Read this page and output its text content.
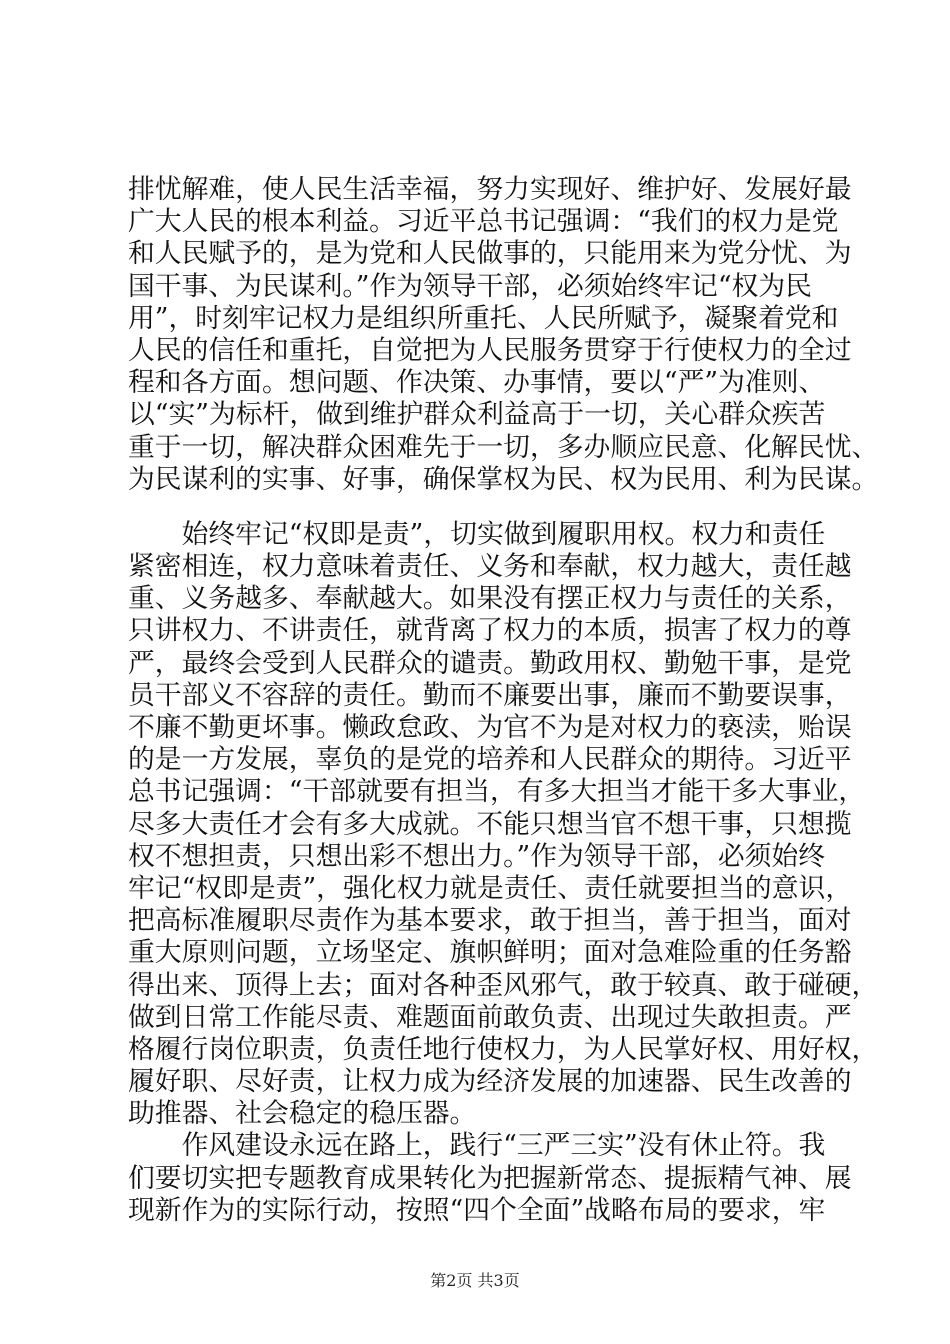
排忧解难，使人民生活幸福，努力实现好、维护好、发展好最
广大人民的根本利益。习近平总书记强调：“我们的权力是党
和人民赋予的，是为党和人民做事的，只能用来为党分忧、为
国干事、为民谋利。”作为领导干部，必须始终牢记“权为民
用”，时刻牢记权力是组织所重托、人民所赋予，凝聚着党和
人民的信任和重托，自觉把为人民服务贯穿于行使权力的全过
程和各方面。想问题、作决策、办事情，要以“严”为准则、
以“实”为标杆，做到维护群众利益高于一切，关心群众疾苦
重于一切，解决群众困难先于一切，多办顺应民意、化解民忧、
为民谋利的实事、好事，确保掌权为民、权为民用、利为民谋。
　　始终牢记“权即是责”，切实做到履职用权。权力和责任
紧密相连，权力意味着责任、义务和奉献，权力越大，责任越
重、义务越多、奉献越大。如果没有摆正权力与责任的关系，
只讲权力、不讲责任，就背离了权力的本质，损害了权力的尊
严，最终会受到人民群众的谴责。勤政用权、勤勉干事，是党
员干部义不容辞的责任。勤而不廉要出事，廉而不勤要误事，
不廉不勤更坏事。懒政怠政、为官不为是对权力的亵渎，贻误
的是一方发展，辜负的是党的培养和人民群众的期待。习近平
总书记强调：“干部就要有担当，有多大担当才能干多大事业，
尽多大责任才会有多大成就。不能只想当官不想干事，只想揽
权不想担责，只想出彩不想出力。”作为领导干部，必须始终
牢记“权即是责”，强化权力就是责任、责任就要担当的意识，
把高标准履职尽责作为基本要求，敢于担当，善于担当，面对
重大原则问题，立场坚定、旗帜鲜明；面对急难险重的任务豁
得出来、顶得上去；面对各种歪风邪气，敢于较真、敢于碰硬，
做到日常工作能尽责、难题面前敢负责、出现过失敢担责。严
格履行岗位职责，负责任地行使权力，为人民掌好权、用好权，
履好职、尽好责，让权力成为经济发展的加速器、民生改善的
助推器、社会稳定的稳压器。
　　作风建设永远在路上，践行“三严三实”没有休止符。我
们要切实把专题教育成果转化为把握新常态、提振精气神、展
现新作为的实际行动，按照“四个全面”战略布局的要求，牢
第2页 共3页
